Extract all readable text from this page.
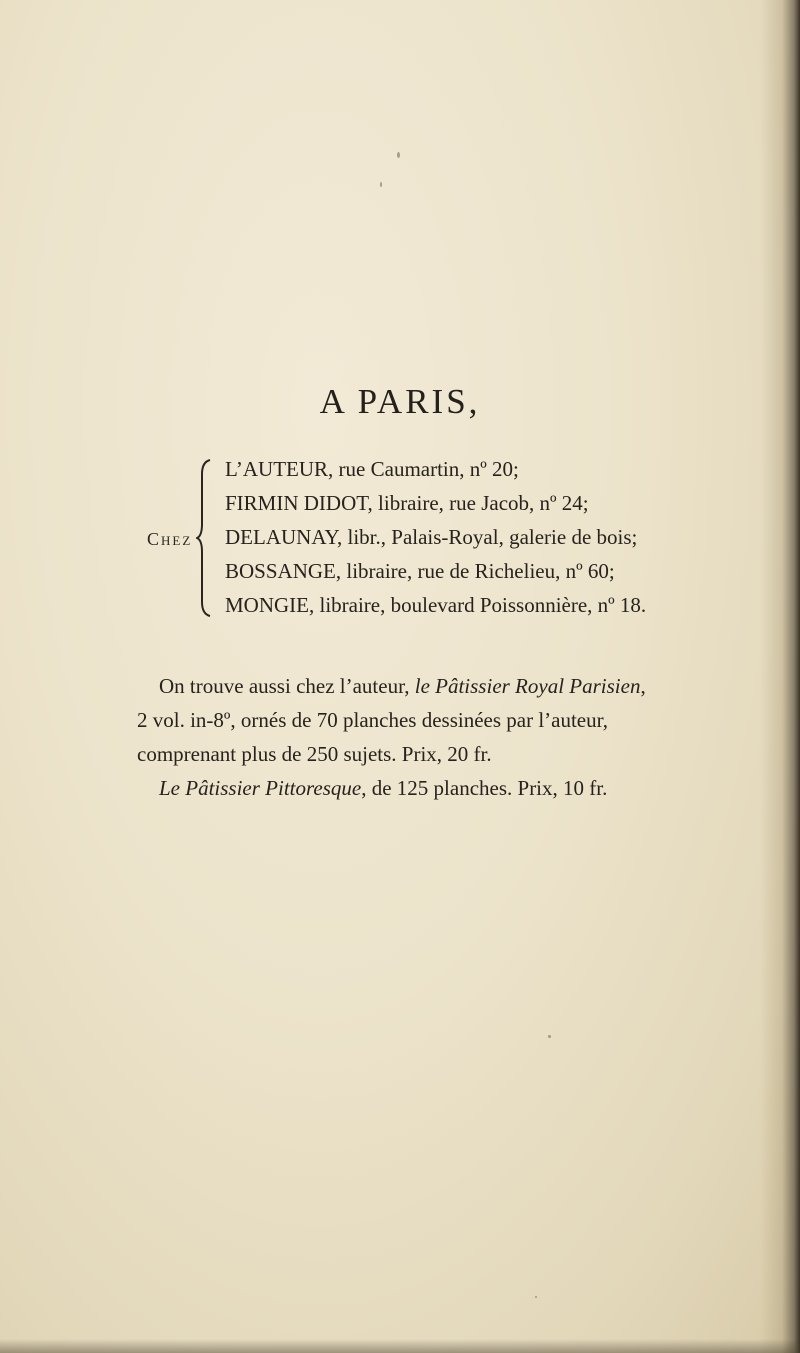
A PARIS,
Chez
L’AUTEUR, rue Caumartin, nº 20;
FIRMIN DIDOT, libraire, rue Jacob, nº 24;
DELAUNAY, libr., Palais-Royal, galerie de bois;
BOSSANGE, libraire, rue de Richelieu, nº 60;
MONGIE, libraire, boulevard Poissonnière, nº 18.

On trouve aussi chez l’auteur, le Pâtissier Royal Parisien,

2 vol. in-8º, ornés de 70 planches dessinées par l’auteur,

comprenant plus de 250 sujets. Prix, 20 fr.

Le Pâtissier Pittoresque, de 125 planches. Prix, 10 fr.
